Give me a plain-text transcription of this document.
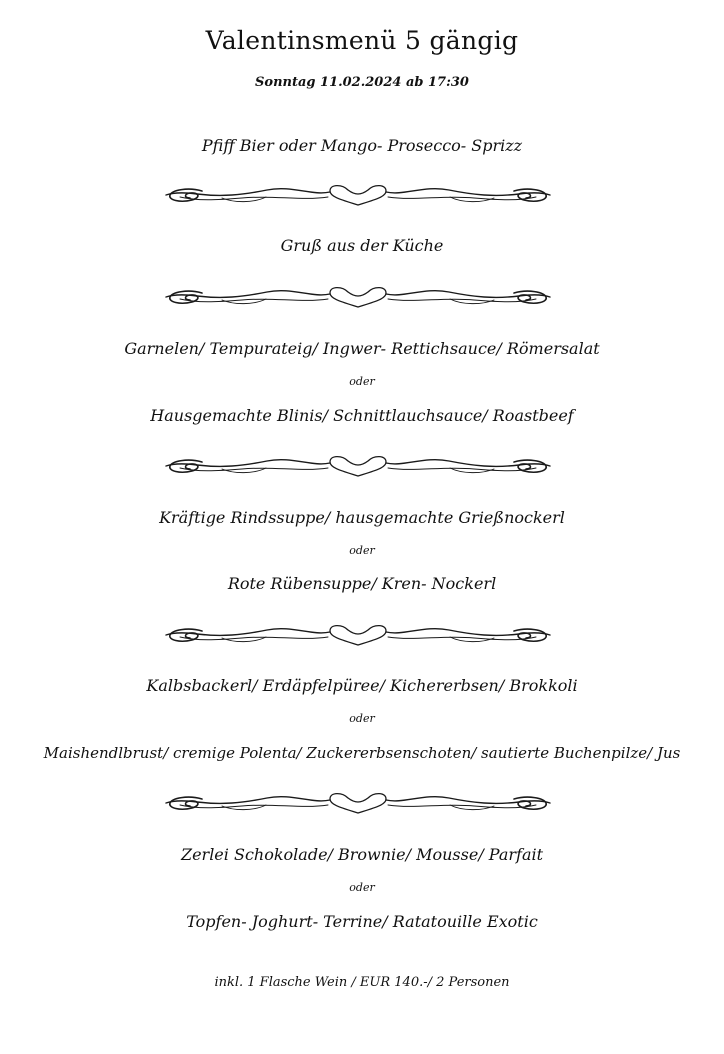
Valentinsmenü 5 gängig
Sonntag 11.02.2024 ab 17:30
Pfiff Bier oder Mango- Prosecco- Sprizz
Gruß aus der Küche
Garnelen/ Tempurateig/ Ingwer- Rettichsauce/ Römersalat
oder
Hausgemachte Blinis/ Schnittlauchsauce/ Roastbeef
Kräftige Rindssuppe/ hausgemachte Grießnockerl
oder
Rote Rübensuppe/ Kren- Nockerl
Kalbsbackerl/ Erdäpfelpüree/ Kichererbsen/ Brokkoli
oder
Maishendlbrust/ cremige Polenta/ Zuckererbsenschoten/ sautierte Buchenpilze/ Jus
Zerlei Schokolade/ Brownie/ Mousse/ Parfait
oder
Topfen- Joghurt- Terrine/ Ratatouille Exotic
inkl. 1 Flasche Wein / EUR 140.-/ 2 Personen
